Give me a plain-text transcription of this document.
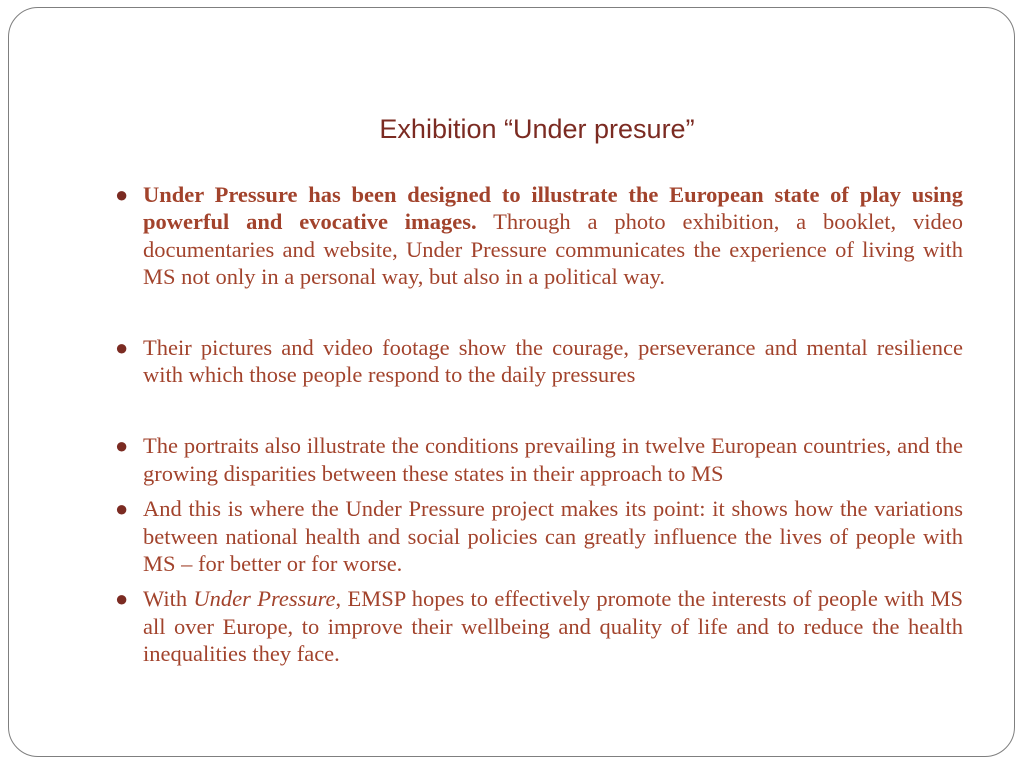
Exhibition “Under presure”
● Under Pressure has been designed to illustrate the European state of play using powerful and evocative images. Through a photo exhibition, a booklet, video documentaries and website, Under Pressure communicates the experience of living with MS not only in a personal way, but also in a political way.
● Their pictures and video footage show the courage, perseverance and mental resilience with which those people respond to the daily pressures
● The portraits also illustrate the conditions prevailing in twelve European countries, and the growing disparities between these states in their approach to MS
● And this is where the Under Pressure project makes its point: it shows how the variations between national health and social policies can greatly influence the lives of people with MS – for better or for worse.
● With Under Pressure, EMSP hopes to effectively promote the interests of people with MS all over Europe, to improve their wellbeing and quality of life and to reduce the health inequalities they face.
